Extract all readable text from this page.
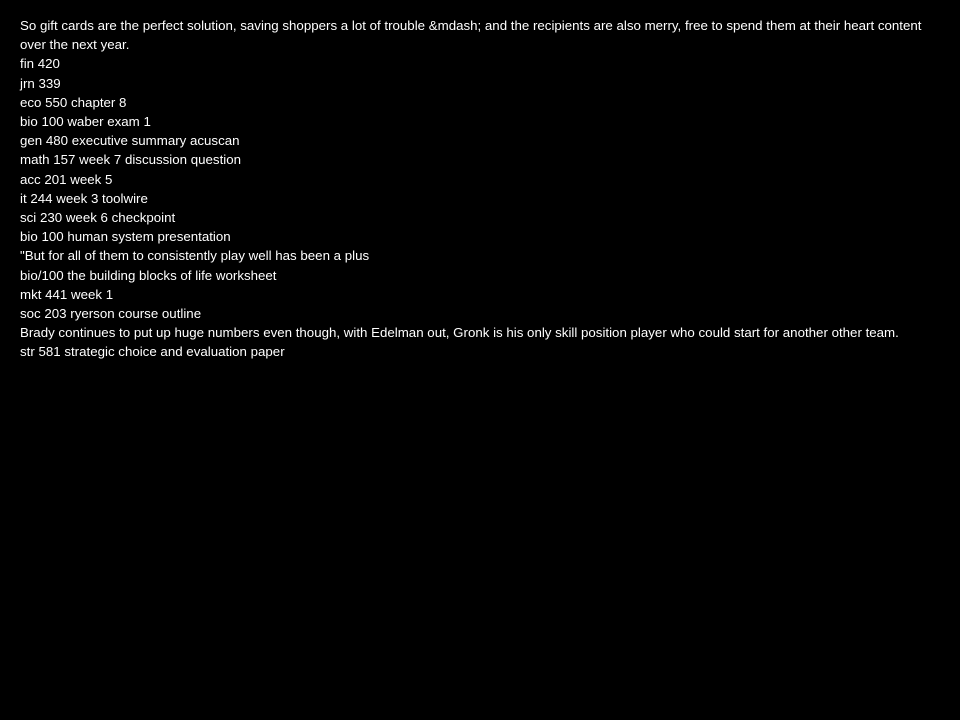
So gift cards are the perfect solution, saving shoppers a lot of trouble &mdash; and the recipients are also merry, free to spend them at their heart content over the next year.

fin 420

jrn 339

eco 550 chapter 8

bio 100 waber exam 1

gen 480 executive summary acuscan

math 157 week 7 discussion question

acc 201 week 5

it 244 week 3 toolwire

sci 230 week 6 checkpoint

bio 100 human system presentation

"But for all of them to consistently play well has been a plus

bio/100 the building blocks of life worksheet

mkt 441 week 1

soc 203 ryerson course outline

Brady continues to put up huge numbers even though, with Edelman out, Gronk is his only skill position player who could start for another other team.

str 581 strategic choice and evaluation paper
